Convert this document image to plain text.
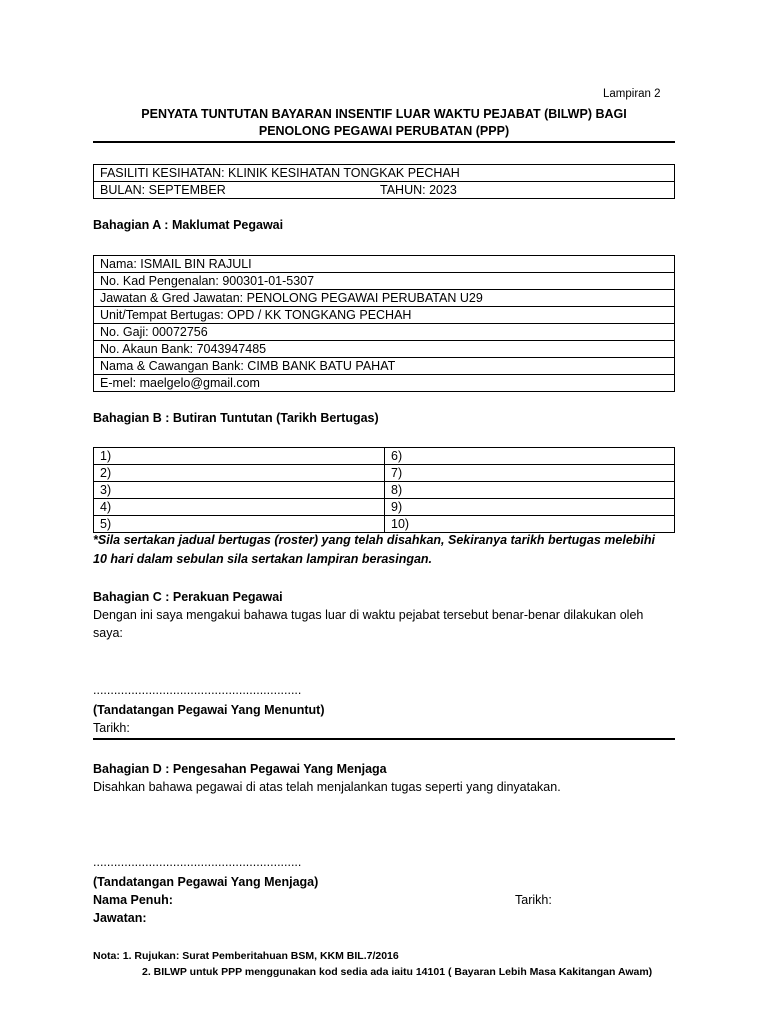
Lampiran 2
PENYATA TUNTUTAN BAYARAN INSENTIF LUAR WAKTU PEJABAT (BILWP) BAGI
PENOLONG PEGAWAI PERUBATAN (PPP)
FASILITI KESIHATAN: KLINIK KESIHATAN TONGKAK PECHAH
BULAN: SEPTEMBER	TAHUN: 2023
Bahagian A : Maklumat Pegawai
Nama: ISMAIL BIN RAJULI
No. Kad Pengenalan: 900301-01-5307
Jawatan & Gred Jawatan: PENOLONG PEGAWAI PERUBATAN U29
Unit/Tempat Bertugas: OPD / KK TONGKANG PECHAH
No. Gaji: 00072756
No. Akaun Bank: 7043947485
Nama & Cawangan Bank: CIMB BANK BATU PAHAT
E-mel: maelgelo@gmail.com
Bahagian B : Butiran Tuntutan (Tarikh Bertugas)
1)	6)
2)	7)
3)	8)
4)	9)
5)	10)
*Sila sertakan jadual bertugas (roster) yang telah disahkan, Sekiranya tarikh bertugas melebihi
10 hari dalam sebulan sila sertakan lampiran berasingan.
Bahagian C : Perakuan Pegawai
Dengan ini saya mengakui bahawa tugas luar di waktu pejabat tersebut benar-benar dilakukan oleh
saya:
............................................................
(Tandatangan Pegawai Yang Menuntut)
Tarikh:
Bahagian D : Pengesahan Pegawai Yang Menjaga
Disahkan bahawa pegawai di atas telah menjalankan tugas seperti yang dinyatakan.
............................................................
(Tandatangan Pegawai Yang Menjaga)
Nama Penuh:	Tarikh:
Jawatan:
Nota: 1. Rujukan: Surat Pemberitahuan BSM, KKM BIL.7/2016
2. BILWP untuk PPP menggunakan kod sedia ada iaitu 14101 ( Bayaran Lebih Masa Kakitangan Awam)
